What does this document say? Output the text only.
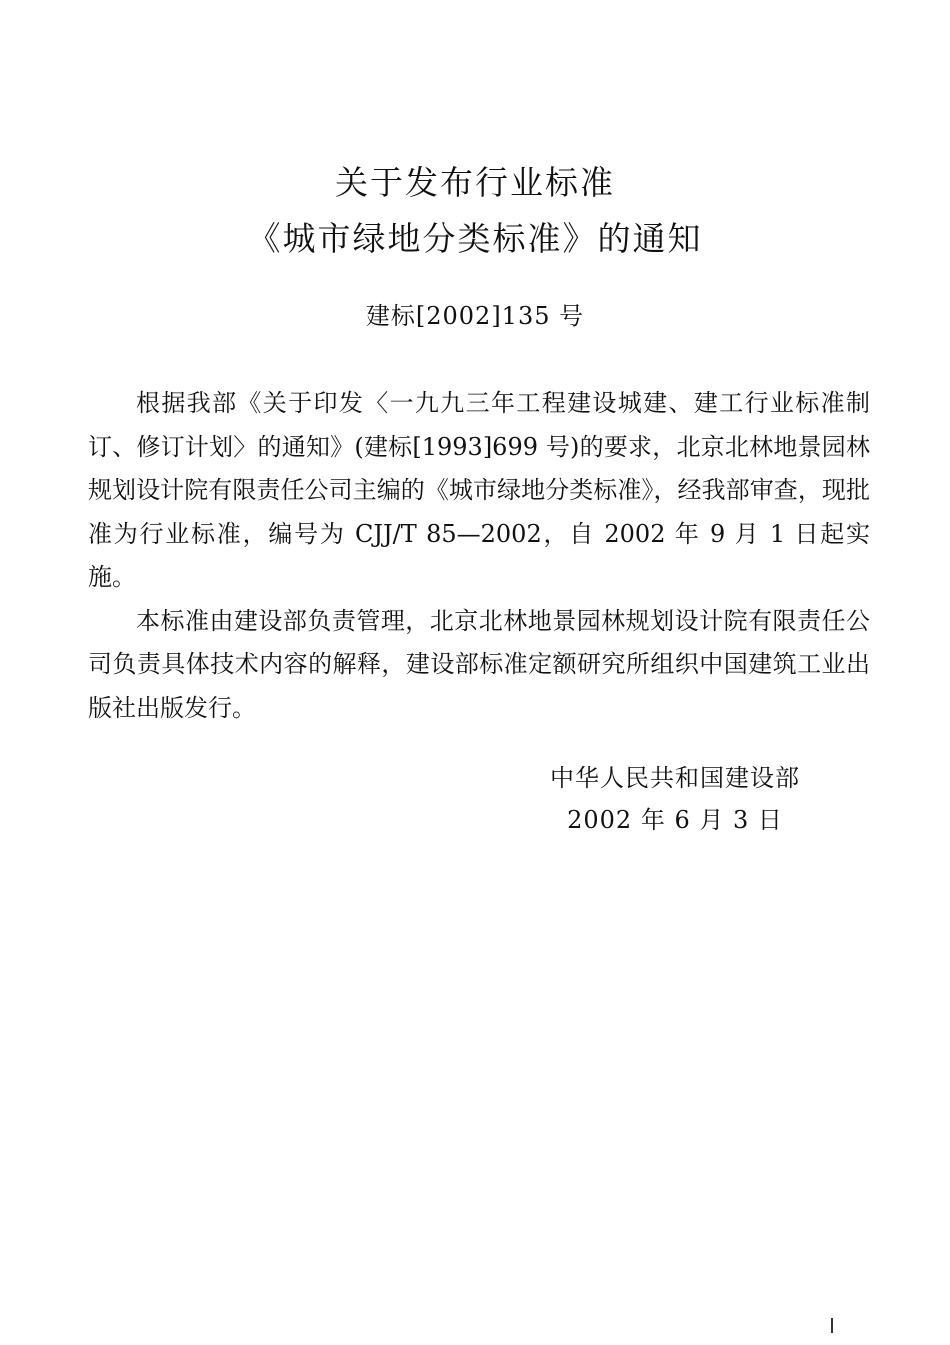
关于发布行业标准
《城市绿地分类标准》的通知
建标[2002]135 号

根据我部《关于印发〈一九九三年工程建设城建、建工行业标准制订、修订计划〉的通知》(建标[1993]699 号)的要求，北京北林地景园林规划设计院有限责任公司主编的《城市绿地分类标准》，经我部审查，现批准为行业标准，编号为 CJJ/T 85—2002，自 2002 年 9 月 1 日起实施。

本标准由建设部负责管理，北京北林地景园林规划设计院有限责任公司负责具体技术内容的解释，建设部标准定额研究所组织中国建筑工业出版社出版发行。

中华人民共和国建设部
2002 年 6 月 3 日
